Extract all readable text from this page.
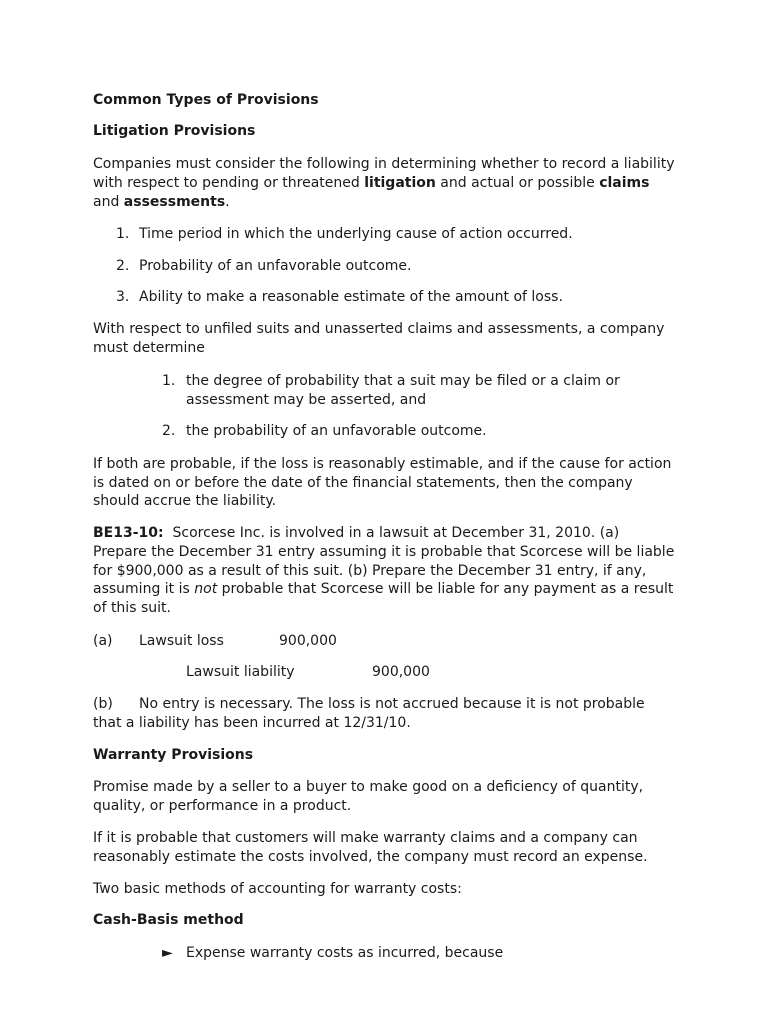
Common Types of Provisions
Litigation Provisions
Companies must consider the following in determining whether to record a liability
with respect to pending or threatened litigation and actual or possible claims
and assessments.
1. Time period in which the underlying cause of action occurred.
2. Probability of an unfavorable outcome.
3. Ability to make a reasonable estimate of the amount of loss.
With respect to unfiled suits and unasserted claims and assessments, a company
must determine
1. the degree of probability that a suit may be filed or a claim or
assessment may be asserted, and
2. the probability of an unfavorable outcome.
If both are probable, if the loss is reasonably estimable, and if the cause for action
is dated on or before the date of the financial statements, then the company
should accrue the liability.
BE13-10:  Scorcese Inc. is involved in a lawsuit at December 31, 2010. (a)
Prepare the December 31 entry assuming it is probable that Scorcese will be liable
for $900,000 as a result of this suit. (b) Prepare the December 31 entry, if any,
assuming it is not probable that Scorcese will be liable for any payment as a result
of this suit.
(a) Lawsuit loss	900,000
Lawsuit liability	900,000
(b) No entry is necessary. The loss is not accrued because it is not probable
that a liability has been incurred at 12/31/10.
Warranty Provisions
Promise made by a seller to a buyer to make good on a deficiency of quantity,
quality, or performance in a product.
If it is probable that customers will make warranty claims and a company can
reasonably estimate the costs involved, the company must record an expense.
Two basic methods of accounting for warranty costs:
Cash-Basis method
► Expense warranty costs as incurred, because
